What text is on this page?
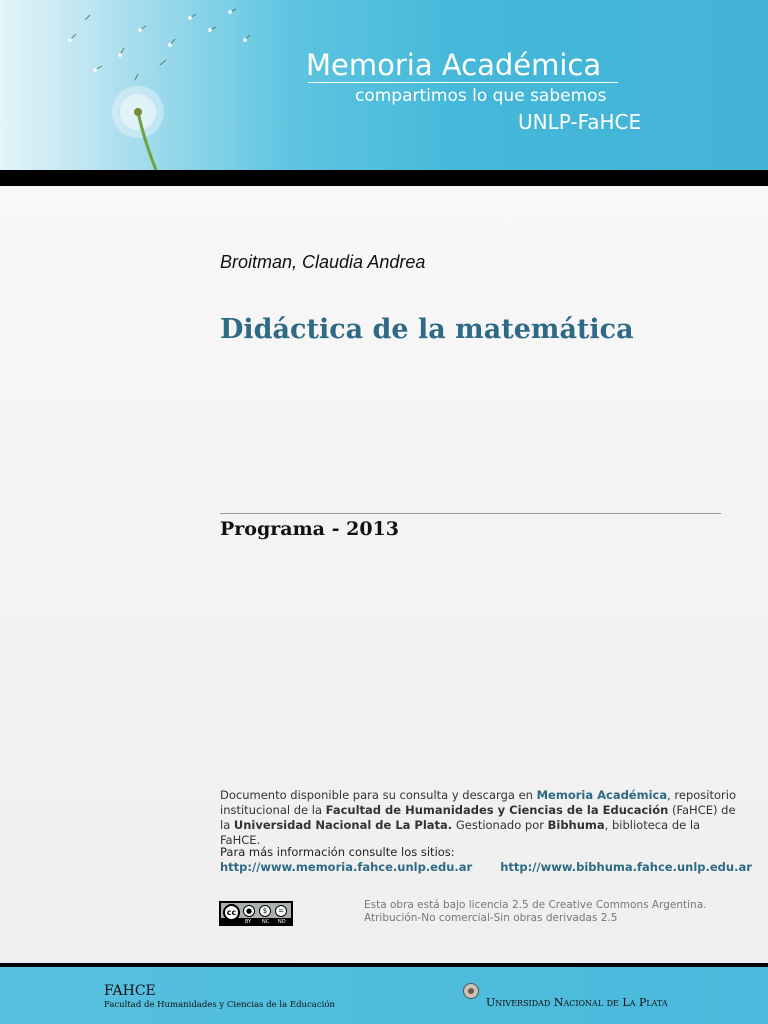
Memoria Académica
compartimos lo que sabemos
UNLP-FaHCE
Broitman, Claudia Andrea
Didáctica de la matemática
Programa - 2013
Documento disponible para su consulta y descarga en Memoria Académica, repositorio institucional de la Facultad de Humanidades y Ciencias de la Educación (FaHCE) de la Universidad Nacional de La Plata. Gestionado por Bibhuma, biblioteca de la FaHCE.
Para más información consulte los sitios:
http://www.memoria.fahce.unlp.edu.ar http://www.bibhuma.fahce.unlp.edu.ar
cc	●	$	=
BY NC ND
Esta obra está bajo licencia 2.5 de Creative Commons Argentina.
Atribución-No comercial-Sin obras derivadas 2.5
FAHCE
Facultad de Humanidades y Ciencias de la Educación	Universidad Nacional de La Plata
